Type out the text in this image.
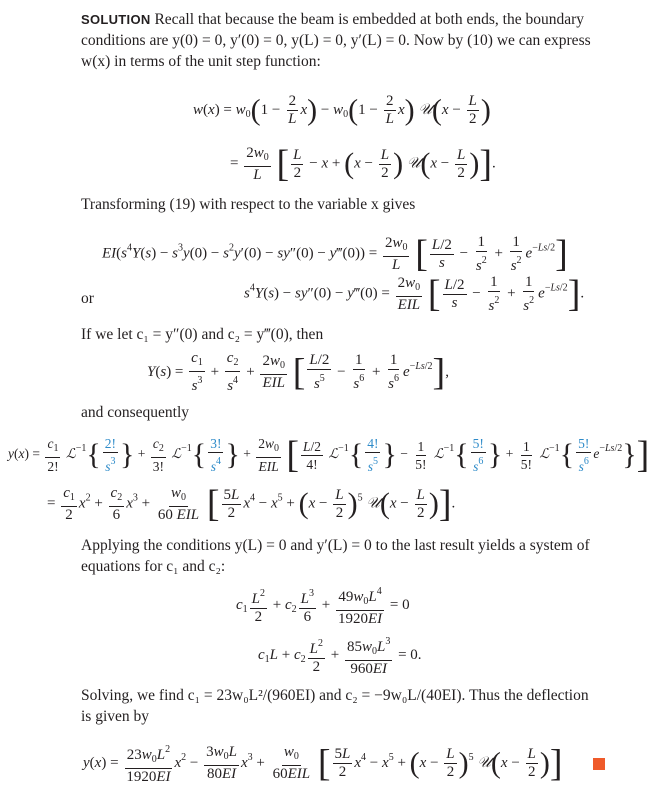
SOLUTION Recall that because the beam is embedded at both ends, the boundary
conditions are y(0) = 0, y′(0) = 0, y(L) = 0, y′(L) = 0. Now by (10) we can express
w(x) in terms of the unit step function:
$w(x) = w_0(1 - \frac{2}{L} x) - w_0(1 - \frac{2}{L} x)$ 𝒰(x − $\frac{L}{2}$ )
= $\frac{2w_0}{L}$ [ $\frac{L}{2} - x + (x - \frac{L}{2}$ ) 𝒰(x − $\frac{L}{2}$ )].
Transforming (19) with respect to the variable x gives
$EI(s^4Y(s) - s^3y(0) - s^2y'(0) - sy''(0)$ − y‴(0)) = $\frac{2w_0}{L}$ [ $\frac{L/2}{s} - \frac{1}{s^2} + \frac{1}{s^2} e^{-Ls/2}$]
or	$s^4Y(s) - sy''(0)$ − y‴(0) = $\frac{2w_0}{\text{EIL}}$ [ $\frac{L/2}{s} - \frac{1}{s^2} + \frac{1}{s^2} e^{-Ls/2}$].
If we let c₁ = y″(0) and c₂ = y‴(0), then
$Y(s) = \frac{c_1}{s^3} + \frac{c_2}{s^4} + \frac{2w_0}{\text{EIL}}$ [ $\frac{L/2}{s^5} - \frac{1}{s^6} + \frac{1}{s^6} e^{-Ls/2}$],
and consequently
$y(x) = \frac{c_1}{2!}$ ℒ$^{-1}${ $\frac{2!}{s^3}$ } + $\frac{c_2}{3!}$ ℒ$^{-1}${ $\frac{3!}{s^4}$ } + $\frac{2w_0}{\text{EIL}}$ [ $\frac{L/2}{4!}$ ℒ$^{-1}${ $\frac{4!}{s^5}$ } − $\frac{1}{5!}$ ℒ$^{-1}${ $\frac{5!}{s^6}$ } + $\frac{1}{5!}$ ℒ$^{-1}${ $\frac{5!}{s^6} e^{-Ls/2}$}]
= $\frac{c_1}{2} x^2 + \frac{c_2}{6} x^3 + \frac{w_0}{\text{60 EIL}}$ [ $\frac{5L}{2} x^4 - x^5 + (x - \frac{L}{2} )^5$ 𝒰(x − $\frac{L}{2}$ )].
Applying the conditions y(L) = 0 and y′(L) = 0 to the last result yields a system of
equations for c₁ and c₂:
$c_1 \frac{L^2}{2} + c_2 \frac{L^3}{6} + \frac{49w_0L^4}{1920EI} = 0$
$c_1L + c_2 \frac{L^2}{2} + \frac{85w_0L^3}{960EI} = 0$.
Solving, we find c₁ = 23w₀L²/(960EI) and c₂ = −9w₀L/(40EI). Thus the deflection
is given by
$y(x) = \frac{23w_0L^2}{1920EI} x^2 - \frac{3w_0L}{80EI} x^3 + \frac{w_0}{\text{60EIL}}$ [ $\frac{5L}{2} x^4 - x^5 + (x - \frac{L}{2} )^5$ 𝒰(x − $\frac{L}{2}$ )]
